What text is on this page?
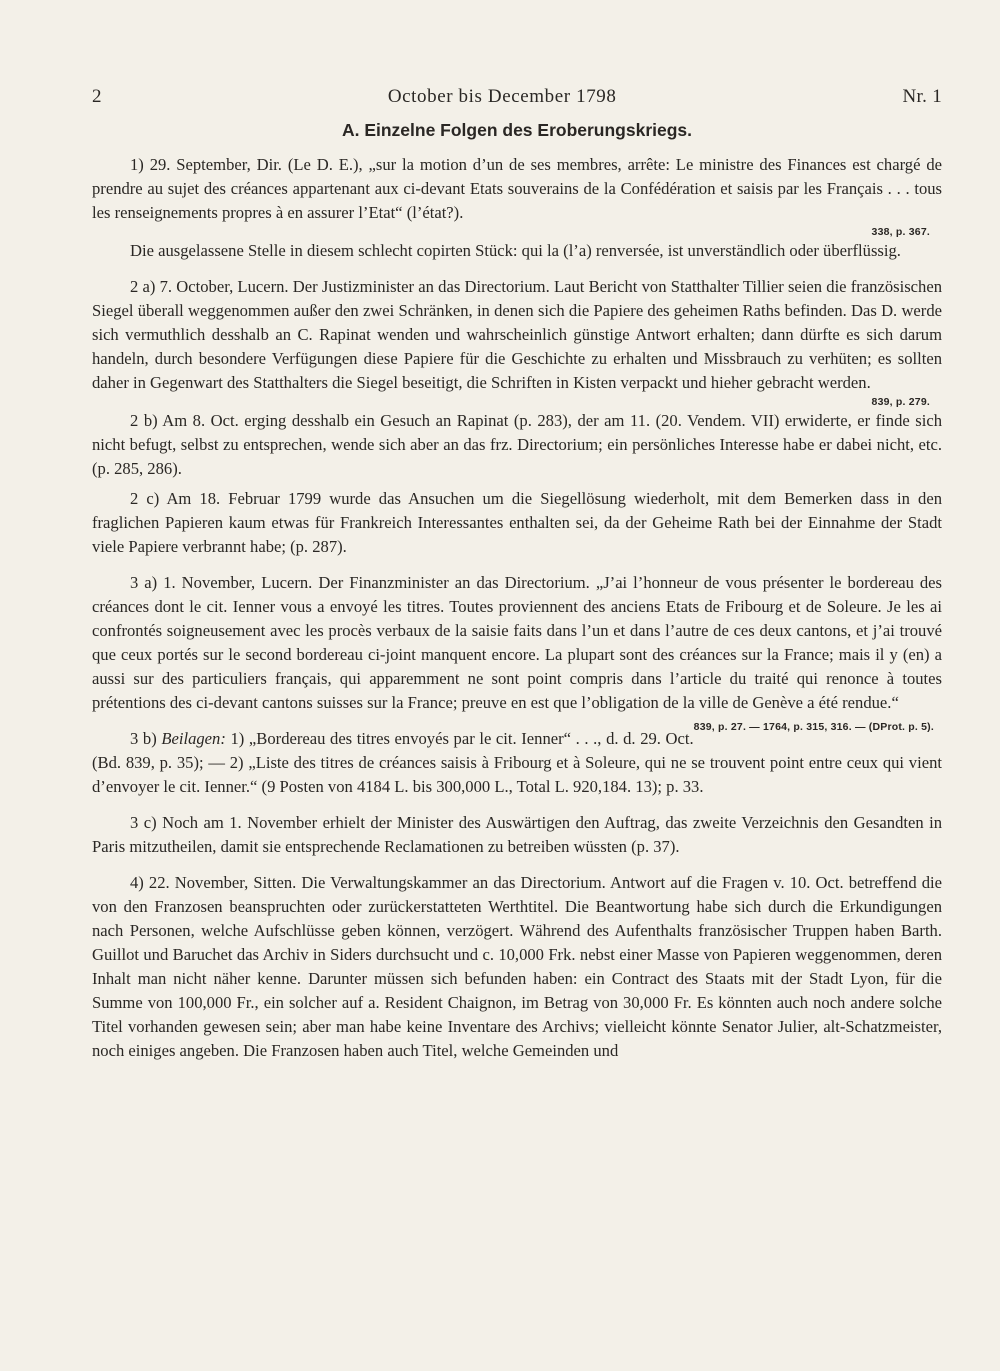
2	October bis December 1798	Nr. 1
A. Einzelne Folgen des Eroberungskriegs.

1) 29. September, Dir. (Le D. E.), „sur la motion d’un de ses membres, arrête: Le ministre des Finances est chargé de prendre au sujet des créances appartenant aux ci-devant Etats souverains de la Confédération et saisis par les Français . . . tous les renseignements propres à en assurer l’Etat“ (l’état?).

338, p. 367.

Die ausgelassene Stelle in diesem schlecht copirten Stück: qui la (l’a) renversée, ist unverständlich oder überflüssig.

2 a) 7. October, Lucern. Der Justizminister an das Directorium. Laut Bericht von Statthalter Tillier seien die französischen Siegel überall weggenommen außer den zwei Schränken, in denen sich die Papiere des geheimen Raths befinden. Das D. werde sich vermuthlich desshalb an C. Rapinat wenden und wahrscheinlich günstige Antwort erhalten; dann dürfte es sich darum handeln, durch besondere Verfügungen diese Papiere für die Geschichte zu erhalten und Missbrauch zu verhüten; es sollten daher in Gegenwart des Statthalters die Siegel beseitigt, die Schriften in Kisten verpackt und hieher gebracht werden.

839, p. 279.

2 b) Am 8. Oct. erging desshalb ein Gesuch an Rapinat (p. 283), der am 11. (20. Vendem. VII) erwiderte, er finde sich nicht befugt, selbst zu entsprechen, wende sich aber an das frz. Directorium; ein persönliches Interesse habe er dabei nicht, etc. (p. 285, 286).

2 c) Am 18. Februar 1799 wurde das Ansuchen um die Siegellösung wiederholt, mit dem Bemerken dass in den fraglichen Papieren kaum etwas für Frankreich Interessantes enthalten sei, da der Geheime Rath bei der Einnahme der Stadt viele Papiere verbrannt habe; (p. 287).

3 a) 1. November, Lucern. Der Finanzminister an das Directorium. „J’ai l’honneur de vous présenter le bordereau des créances dont le cit. Ienner vous a envoyé les titres. Toutes proviennent des anciens Etats de Fribourg et de Soleure. Je les ai confrontés soigneusement avec les procès verbaux de la saisie faits dans l’un et dans l’autre de ces deux cantons, et j’ai trouvé que ceux portés sur le second bordereau ci-joint manquent encore. La plupart sont des créances sur la France; mais il y (en) a aussi sur des particuliers français, qui apparemment ne sont point compris dans l’article du traité qui renonce à toutes prétentions des ci-devant cantons suisses sur la France; preuve en est que l’obligation de la ville de Genève a été rendue.“
839, p. 27. — 1764, p. 315, 316. — (DProt. p. 5).

3 b) Beilagen: 1) „Bordereau des titres envoyés par le cit. Ienner“ . . ., d. d. 29. Oct. (Bd. 839, p. 35); — 2) „Liste des titres de créances saisis à Fribourg et à Soleure, qui ne se trouvent point entre ceux qui vient d’envoyer le cit. Ienner.“ (9 Posten von 4184 L. bis 300,000 L., Total L. 920,184. 13); p. 33.

3 c) Noch am 1. November erhielt der Minister des Auswärtigen den Auftrag, das zweite Verzeichnis den Gesandten in Paris mitzutheilen, damit sie entsprechende Reclamationen zu betreiben wüssten (p. 37).

4) 22. November, Sitten. Die Verwaltungskammer an das Directorium. Antwort auf die Fragen v. 10. Oct. betreffend die von den Franzosen beanspruchten oder zurückerstatteten Werthtitel. Die Beantwortung habe sich durch die Erkundigungen nach Personen, welche Aufschlüsse geben können, verzögert. Während des Aufenthalts französischer Truppen haben Barth. Guillot und Baruchet das Archiv in Siders durchsucht und c. 10,000 Frk. nebst einer Masse von Papieren weggenommen, deren Inhalt man nicht näher kenne. Darunter müssen sich befunden haben: ein Contract des Staats mit der Stadt Lyon, für die Summe von 100,000 Fr., ein solcher auf a. Resident Chaignon, im Betrag von 30,000 Fr. Es könnten auch noch andere solche Titel vorhanden gewesen sein; aber man habe keine Inventare des Archivs; vielleicht könnte Senator Julier, alt-Schatzmeister, noch einiges angeben. Die Franzosen haben auch Titel, welche Gemeinden und
